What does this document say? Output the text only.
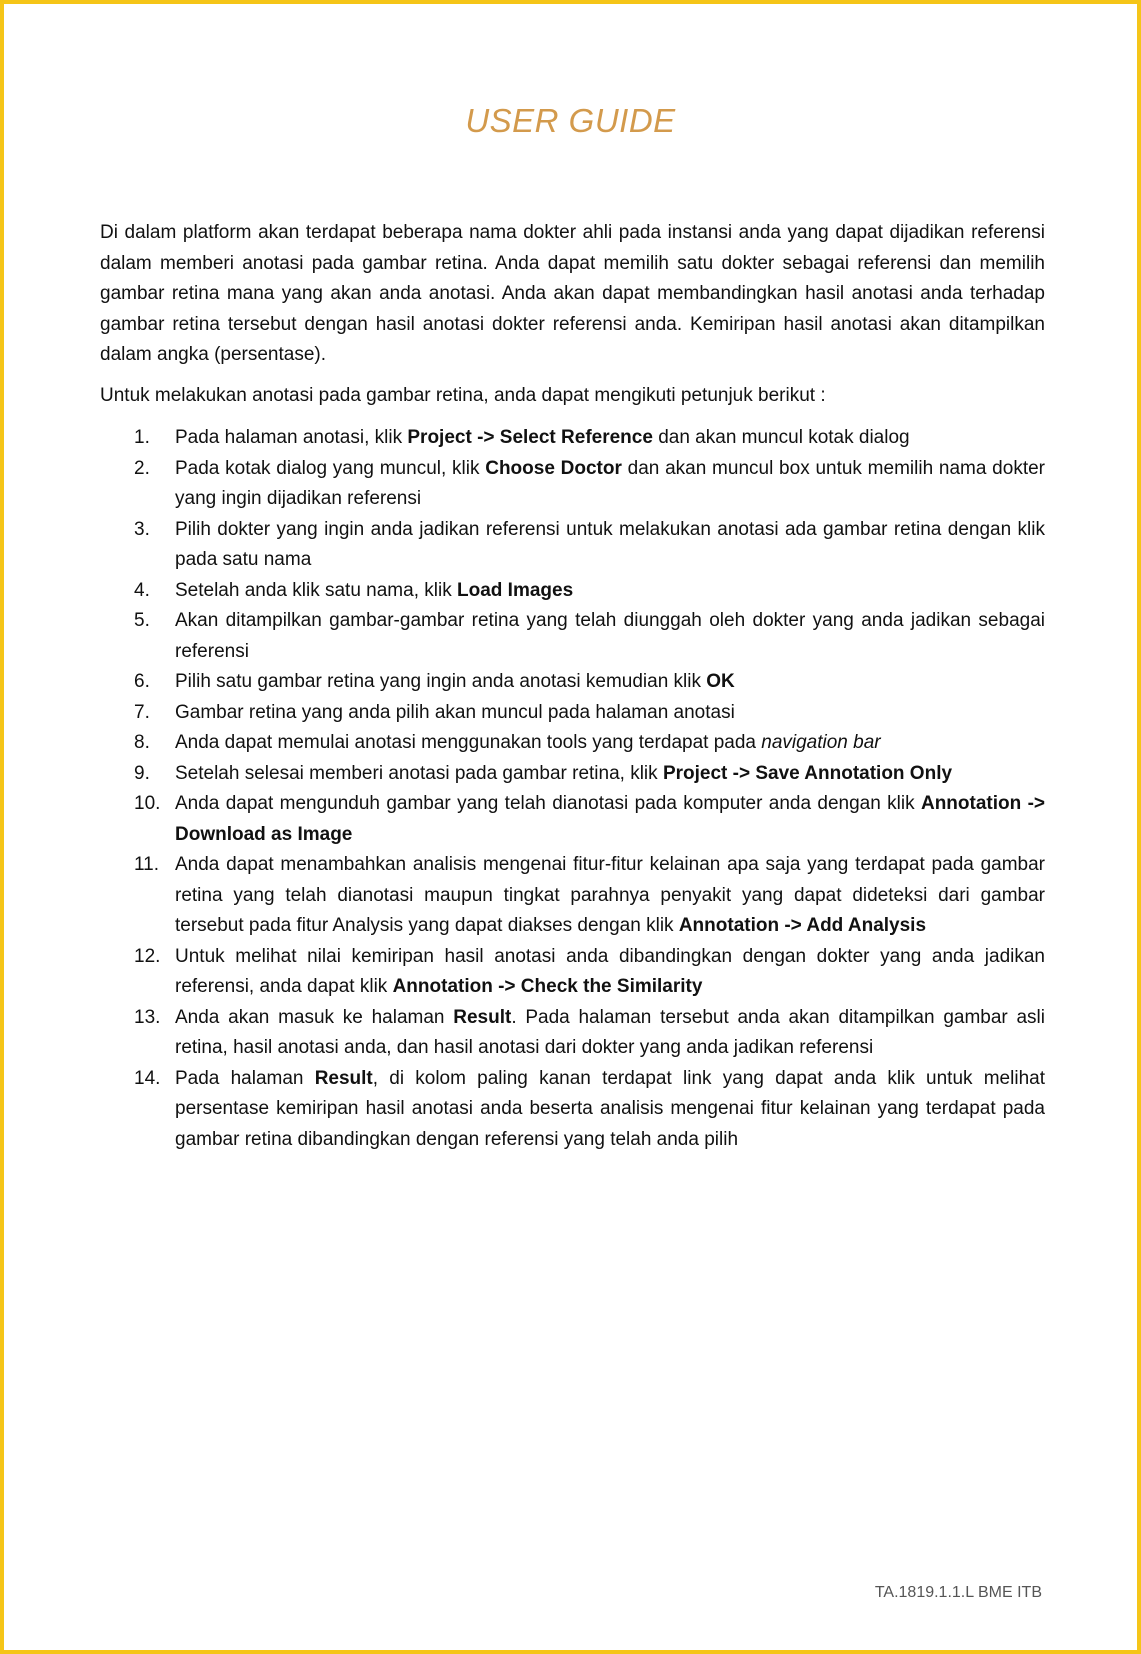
USER GUIDE

Di dalam platform akan terdapat beberapa nama dokter ahli pada instansi anda yang dapat dijadikan referensi dalam memberi anotasi pada gambar retina. Anda dapat memilih satu dokter sebagai referensi dan memilih gambar retina mana yang akan anda anotasi. Anda akan dapat membandingkan hasil anotasi anda terhadap gambar retina tersebut dengan hasil anotasi dokter referensi anda. Kemiripan hasil anotasi akan ditampilkan dalam angka (persentase).

Untuk melakukan anotasi pada gambar retina, anda dapat mengikuti petunjuk berikut :

1. Pada halaman anotasi, klik Project -> Select Reference dan akan muncul kotak dialog
2. Pada kotak dialog yang muncul, klik Choose Doctor dan akan muncul box untuk memilih nama dokter yang ingin dijadikan referensi
3. Pilih dokter yang ingin anda jadikan referensi untuk melakukan anotasi ada gambar retina dengan klik pada satu nama
4. Setelah anda klik satu nama, klik Load Images
5. Akan ditampilkan gambar-gambar retina yang telah diunggah oleh dokter yang anda jadikan sebagai referensi
6. Pilih satu gambar retina yang ingin anda anotasi kemudian klik OK
7. Gambar retina yang anda pilih akan muncul pada halaman anotasi
8. Anda dapat memulai anotasi menggunakan tools yang terdapat pada navigation bar
9. Setelah selesai memberi anotasi pada gambar retina, klik Project -> Save Annotation Only
10. Anda dapat mengunduh gambar yang telah dianotasi pada komputer anda dengan klik Annotation -> Download as Image
11. Anda dapat menambahkan analisis mengenai fitur-fitur kelainan apa saja yang terdapat pada gambar retina yang telah dianotasi maupun tingkat parahnya penyakit yang dapat dideteksi dari gambar tersebut pada fitur Analysis yang dapat diakses dengan klik Annotation -> Add Analysis
12. Untuk melihat nilai kemiripan hasil anotasi anda dibandingkan dengan dokter yang anda jadikan referensi, anda dapat klik Annotation -> Check the Similarity
13. Anda akan masuk ke halaman Result. Pada halaman tersebut anda akan ditampilkan gambar asli retina, hasil anotasi anda, dan hasil anotasi dari dokter yang anda jadikan referensi
14. Pada halaman Result, di kolom paling kanan terdapat link yang dapat anda klik untuk melihat persentase kemiripan hasil anotasi anda beserta analisis mengenai fitur kelainan yang terdapat pada gambar retina dibandingkan dengan referensi yang telah anda pilih
TA.1819.1.1.L BME ITB
